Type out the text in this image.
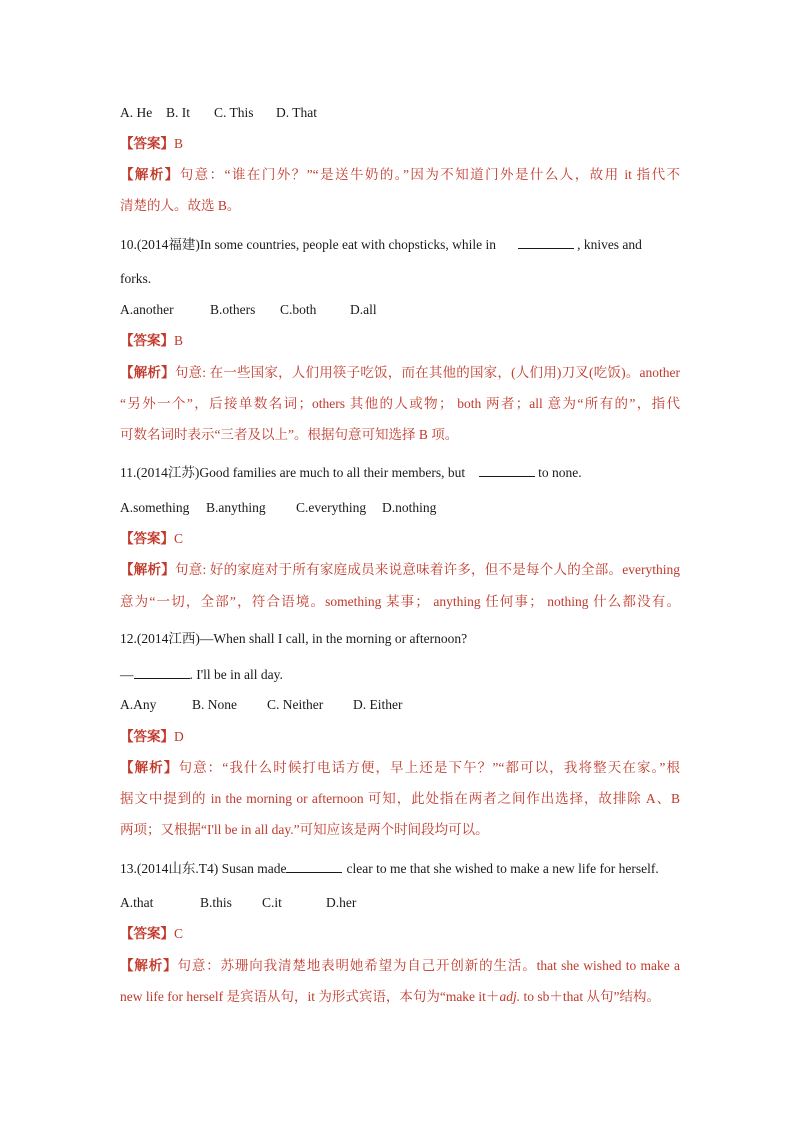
A. He B. It C. This D. That
【答案】B
【解析】句意：“谁在门外？”“是送牛奶的。”因为不知道门外是什么人，故用 it 指代不
清楚的人。故选 B。
10.(2014福建)In some countries, people eat with chopsticks, while in	, knives and
forks.
A.another	B.others C.both D.all
【答案】B
【解析】句意: 在一些国家，人们用筷子吃饭，而在其他的国家，(人们用)刀叉(吃饭)。another
“另外一个”，后接单数名词；others 其他的人或物； both 两者；all 意为“所有的”，指代
可数名词时表示“三者及以上”。根据句意可知选择 B 项。
11.(2014江苏)Good families are much to all their members, but	to none.
A.something B.anything C.everything D.nothing
【答案】C
【解析】句意: 好的家庭对于所有家庭成员来说意味着许多，但不是每个人的全部。everything
意为“一切，全部”，符合语境。something 某事； anything 任何事； nothing 什么都没有。
12.(2014江西)—When shall I call, in the morning or afternoon?
—	. I'll be in all day.
A.Any	B. None C. Neither D. Either
【答案】D
【解析】句意：“我什么时候打电话方便，早上还是下午？”“都可以，我将整天在家。”根
据文中提到的 in the morning or afternoon 可知，此处指在两者之间作出选择，故排除 A、B
两项；又根据“I'll be in all day.”可知应该是两个时间段均可以。
13.(2014山东.T4) Susan made	clear to me that she wished to make a new life for herself.
A.that	B.this C.it	D.her
【答案】C
【解析】句意：苏珊向我清楚地表明她希望为自己开创新的生活。that she wished to make a
new life for herself 是宾语从句，it 为形式宾语，本句为“make it＋adj. to sb＋that 从句”结构。
